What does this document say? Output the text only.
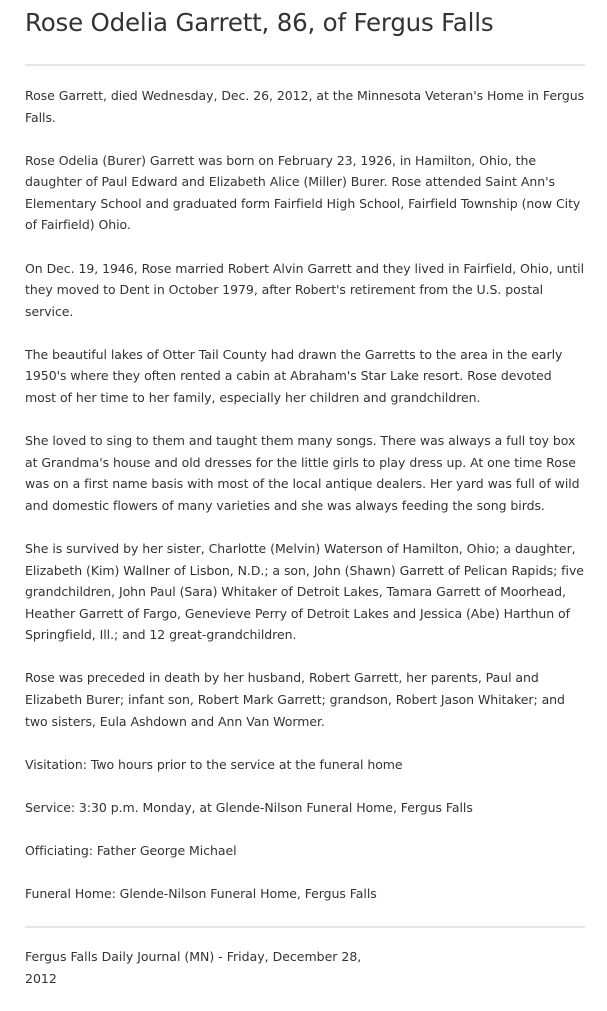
Rose Odelia Garrett, 86, of Fergus Falls

Rose Garrett, died Wednesday, Dec. 26, 2012, at the Minnesota Veteran's Home in Fergus Falls.

Rose Odelia (Burer) Garrett was born on February 23, 1926, in Hamilton, Ohio, the daughter of Paul Edward and Elizabeth Alice (Miller) Burer. Rose attended Saint Ann's Elementary School and graduated form Fairfield High School, Fairfield Township (now City of Fairfield) Ohio.

On Dec. 19, 1946, Rose married Robert Alvin Garrett and they lived in Fairfield, Ohio, until they moved to Dent in October 1979, after Robert's retirement from the U.S. postal service.

The beautiful lakes of Otter Tail County had drawn the Garretts to the area in the early 1950's where they often rented a cabin at Abraham's Star Lake resort. Rose devoted most of her time to her family, especially her children and grandchildren.

She loved to sing to them and taught them many songs. There was always a full toy box at Grandma's house and old dresses for the little girls to play dress up. At one time Rose was on a first name basis with most of the local antique dealers. Her yard was full of wild and domestic flowers of many varieties and she was always feeding the song birds.

She is survived by her sister, Charlotte (Melvin) Waterson of Hamilton, Ohio; a daughter, Elizabeth (Kim) Wallner of Lisbon, N.D.; a son, John (Shawn) Garrett of Pelican Rapids; five grandchildren, John Paul (Sara) Whitaker of Detroit Lakes, Tamara Garrett of Moorhead, Heather Garrett of Fargo, Genevieve Perry of Detroit Lakes and Jessica (Abe) Harthun of Springfield, Ill.; and 12 great-grandchildren.

Rose was preceded in death by her husband, Robert Garrett, her parents, Paul and Elizabeth Burer; infant son, Robert Mark Garrett; grandson, Robert Jason Whitaker; and two sisters, Eula Ashdown and Ann Van Wormer.

Visitation: Two hours prior to the service at the funeral home

Service: 3:30 p.m. Monday, at Glende-Nilson Funeral Home, Fergus Falls

Officiating: Father George Michael

Funeral Home: Glende-Nilson Funeral Home, Fergus Falls

Fergus Falls Daily Journal (MN) - Friday, December 28, 2012
